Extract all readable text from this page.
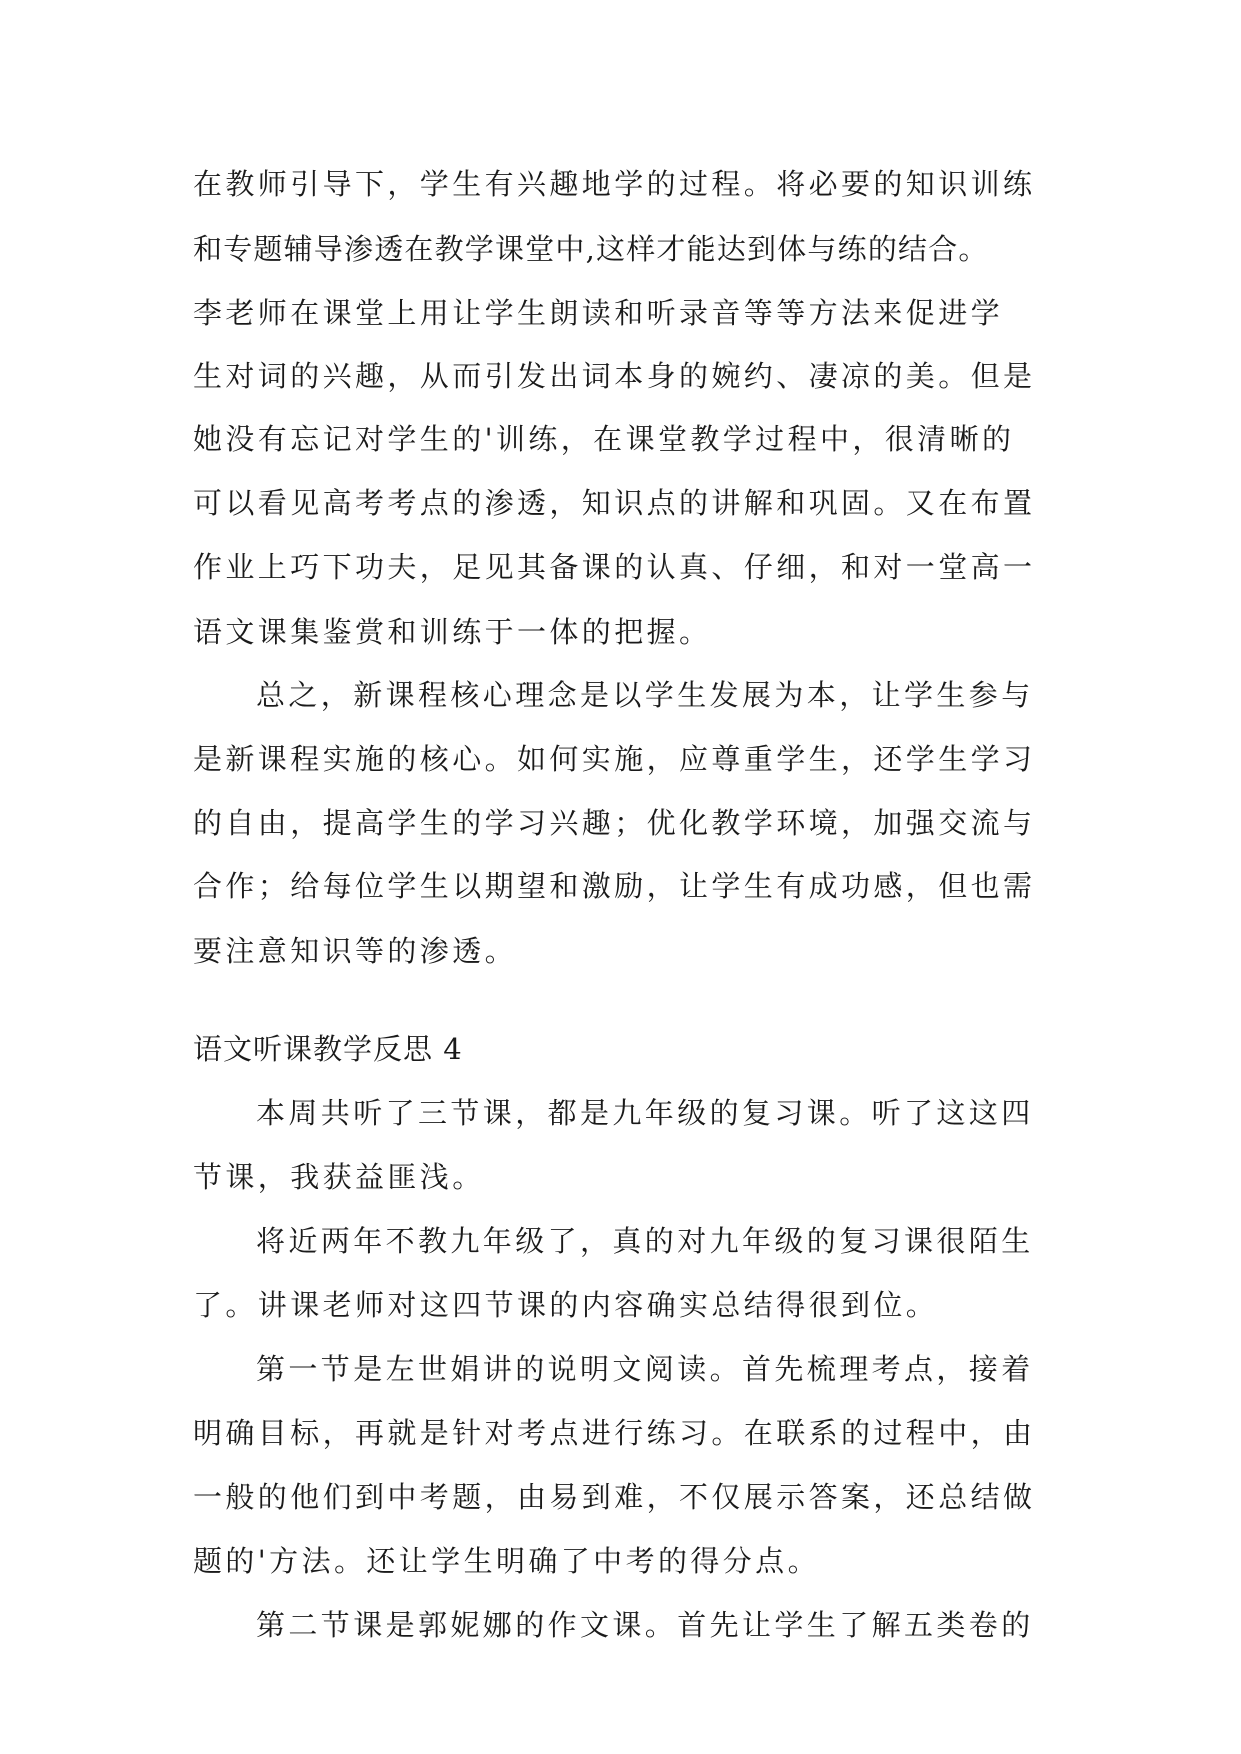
在教师引导下，学生有兴趣地学的过程。将必要的知识训练
和专题辅导渗透在教学课堂中,这样才能达到体与练的结合。
李老师在课堂上用让学生朗读和听录音等等方法来促进学
生对词的兴趣，从而引发出词本身的婉约、凄凉的美。但是
她没有忘记对学生的'训练，在课堂教学过程中，很清晰的
可以看见高考考点的渗透，知识点的讲解和巩固。又在布置
作业上巧下功夫，足见其备课的认真、仔细，和对一堂高一
语文课集鉴赏和训练于一体的把握。
总之，新课程核心理念是以学生发展为本，让学生参与
是新课程实施的核心。如何实施，应尊重学生，还学生学习
的自由，提高学生的学习兴趣；优化教学环境，加强交流与
合作；给每位学生以期望和激励，让学生有成功感，但也需
要注意知识等的渗透。
语文听课教学反思 4
本周共听了三节课，都是九年级的复习课。听了这这四
节课，我获益匪浅。
将近两年不教九年级了，真的对九年级的复习课很陌生
了。讲课老师对这四节课的内容确实总结得很到位。
第一节是左世娟讲的说明文阅读。首先梳理考点，接着
明确目标，再就是针对考点进行练习。在联系的过程中，由
一般的他们到中考题，由易到难，不仅展示答案，还总结做
题的'方法。还让学生明确了中考的得分点。
第二节课是郭妮娜的作文课。首先让学生了解五类卷的
